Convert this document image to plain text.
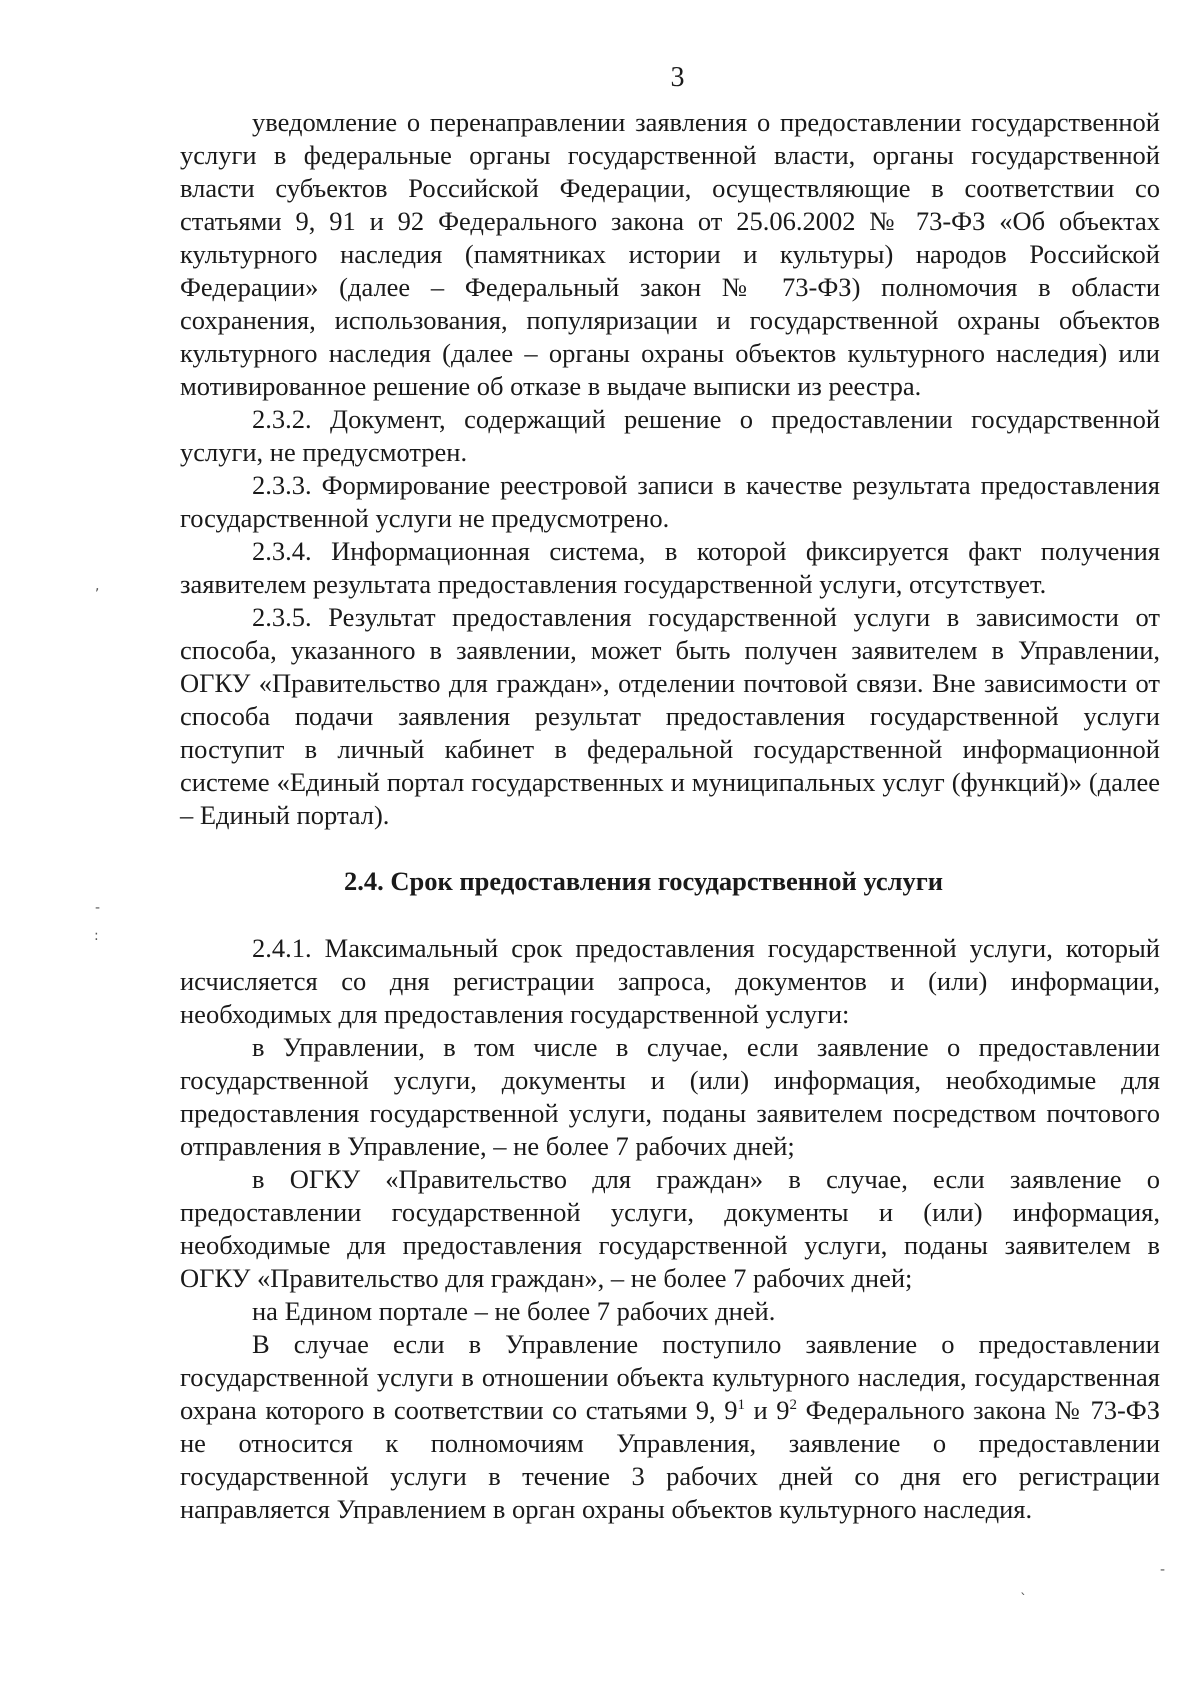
3

уведомление о перенаправлении заявления о предоставлении государственной услуги в федеральные органы государственной власти, органы государственной власти субъектов Российской Федерации, осуществляющие в соответствии со статьями 9, 91 и 92 Федерального закона от 25.06.2002 № 73-ФЗ «Об объектах культурного наследия (памятниках истории и культуры) народов Российской Федерации» (далее – Федеральный закон № 73-ФЗ) полномочия в области сохранения, использования, популяризации и государственной охраны объектов культурного наследия (далее – органы охраны объектов культурного наследия) или мотивированное решение об отказе в выдаче выписки из реестра.

2.3.2. Документ, содержащий решение о предоставлении государственной услуги, не предусмотрен.

2.3.3. Формирование реестровой записи в качестве результата предоставления государственной услуги не предусмотрено.

2.3.4. Информационная система, в которой фиксируется факт получения заявителем результата предоставления государственной услуги, отсутствует.

2.3.5. Результат предоставления государственной услуги в зависимости от способа, указанного в заявлении, может быть получен заявителем в Управлении, ОГКУ «Правительство для граждан», отделении почтовой связи. Вне зависимости от способа подачи заявления результат предоставления государственной услуги поступит в личный кабинет в федеральной государственной информационной системе «Единый портал государственных и муниципальных услуг (функций)» (далее – Единый портал).

2.4. Срок предоставления государственной услуги

2.4.1. Максимальный срок предоставления государственной услуги, который исчисляется со дня регистрации запроса, документов и (или) информации, необходимых для предоставления государственной услуги:

в Управлении, в том числе в случае, если заявление о предоставлении государственной услуги, документы и (или) информация, необходимые для предоставления государственной услуги, поданы заявителем посредством почтового отправления в Управление, – не более 7 рабочих дней;

в ОГКУ «Правительство для граждан» в случае, если заявление о предоставлении государственной услуги, документы и (или) информация, необходимые для предоставления государственной услуги, поданы заявителем в ОГКУ «Правительство для граждан», – не более 7 рабочих дней;

на Едином портале – не более 7 рабочих дней.

В случае если в Управление поступило заявление о предоставлении государственной услуги в отношении объекта культурного наследия, государственная охрана которого в соответствии со статьями 9, $9^1$ и $9^2$ Федерального закона № 73-ФЗ не относится к полномочиям Управления, заявление о предоставлении государственной услуги в течение 3 рабочих дней со дня его регистрации направляется Управлением в орган охраны объектов культурного наследия.

,
-
:
-
`
